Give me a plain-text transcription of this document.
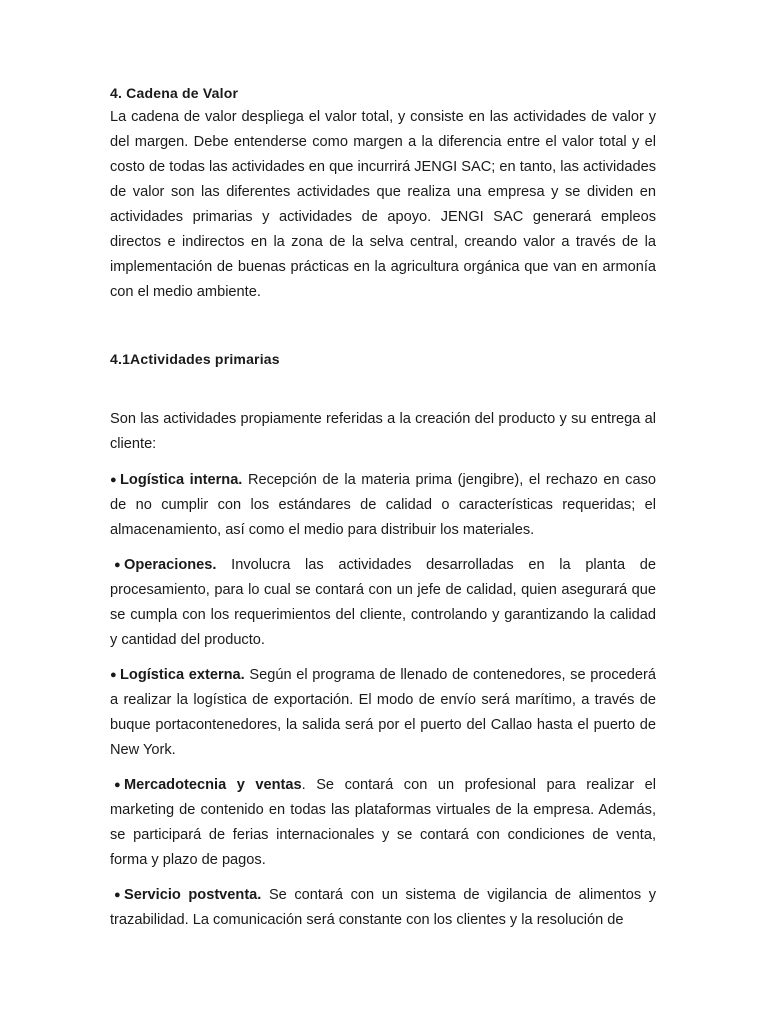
4. Cadena de Valor

La cadena de valor despliega el valor total, y consiste en las actividades de valor y del margen. Debe entenderse como margen a la diferencia entre el valor total y el costo de todas las actividades en que incurrirá JENGI SAC; en tanto, las actividades de valor son las diferentes actividades que realiza una empresa y se dividen en actividades primarias y actividades de apoyo. JENGI SAC generará empleos directos e indirectos en la zona de la selva central, creando valor a través de la implementación de buenas prácticas en la agricultura orgánica que van en armonía con el medio ambiente.

4.1Actividades primarias

Son las actividades propiamente referidas a la creación del producto y su entrega al cliente:

● Logística interna. Recepción de la materia prima (jengibre), el rechazo en caso de no cumplir con los estándares de calidad o características requeridas; el almacenamiento, así como el medio para distribuir los materiales.
● Operaciones. Involucra las actividades desarrolladas en la planta de procesamiento, para lo cual se contará con un jefe de calidad, quien asegurará que se cumpla con los requerimientos del cliente, controlando y garantizando la calidad y cantidad del producto.
● Logística externa. Según el programa de llenado de contenedores, se procederá a realizar la logística de exportación. El modo de envío será marítimo, a través de buque portacontenedores, la salida será por el puerto del Callao hasta el puerto de New York.
● Mercadotecnia y ventas. Se contará con un profesional para realizar el marketing de contenido en todas las plataformas virtuales de la empresa. Además, se participará de ferias internacionales y se contará con condiciones de venta, forma y plazo de pagos.
● Servicio postventa. Se contará con un sistema de vigilancia de alimentos y trazabilidad. La comunicación será constante con los clientes y la resolución de
